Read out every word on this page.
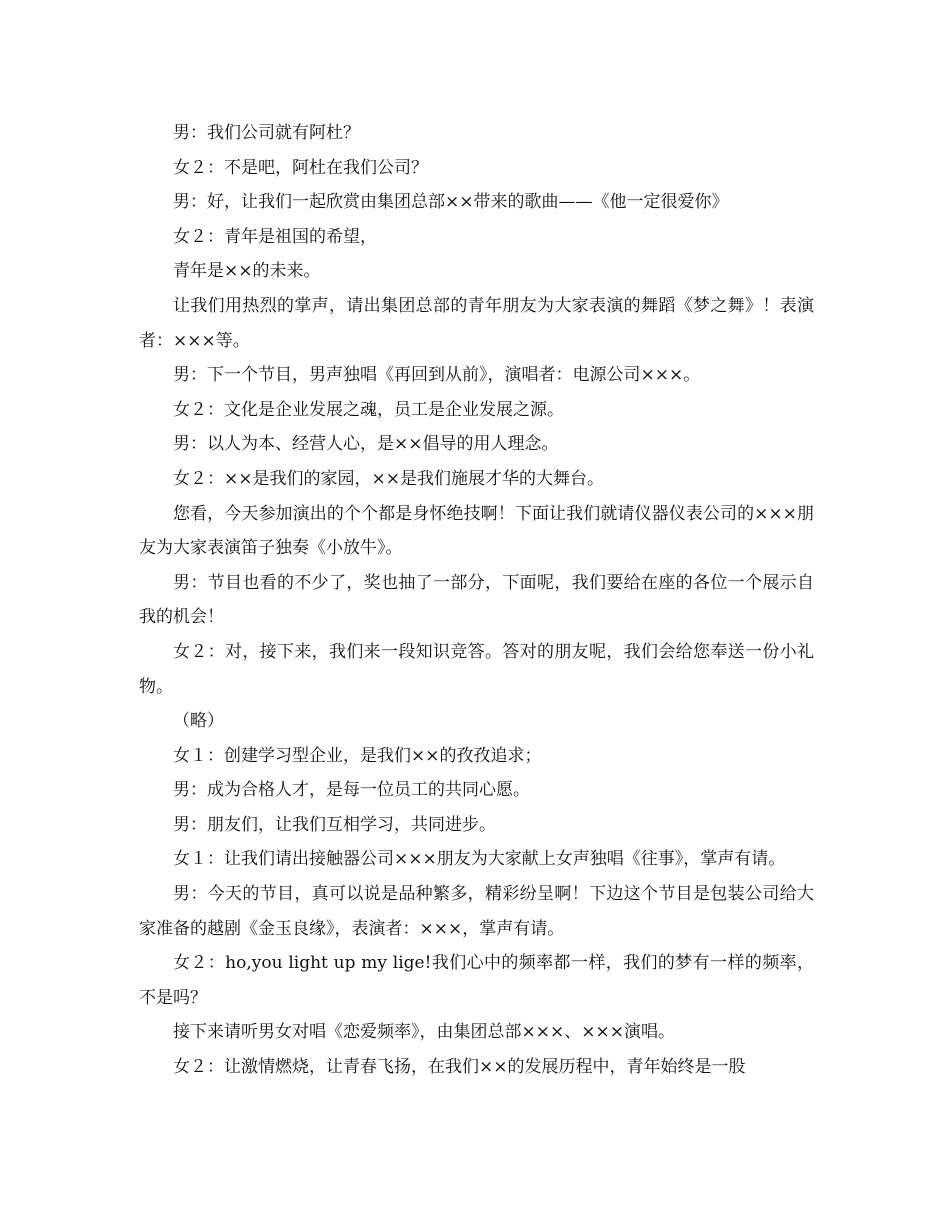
男：我们公司就有阿杜？

女２：不是吧，阿杜在我们公司？

男：好，让我们一起欣赏由集团总部××带来的歌曲——《他一定很爱你》

女２：青年是祖国的希望，

青年是××的未来。

让我们用热烈的掌声，请出集团总部的青年朋友为大家表演的舞蹈《梦之舞》！表演者：×××等。

男：下一个节目，男声独唱《再回到从前》，演唱者：电源公司×××。

女２：文化是企业发展之魂，员工是企业发展之源。

男：以人为本、经营人心，是××倡导的用人理念。

女２：××是我们的家园，××是我们施展才华的大舞台。

您看，今天参加演出的个个都是身怀绝技啊！下面让我们就请仪器仪表公司的×××朋友为大家表演笛子独奏《小放牛》。

男：节目也看的不少了，奖也抽了一部分，下面呢，我们要给在座的各位一个展示自我的机会！

女２：对，接下来，我们来一段知识竞答。答对的朋友呢，我们会给您奉送一份小礼物。

（略）

女１：创建学习型企业，是我们××的孜孜追求；

男：成为合格人才，是每一位员工的共同心愿。

男：朋友们，让我们互相学习，共同进步。

女１：让我们请出接触器公司×××朋友为大家献上女声独唱《往事》，掌声有请。

男：今天的节目，真可以说是品种繁多，精彩纷呈啊！下边这个节目是包装公司给大家准备的越剧《金玉良缘》，表演者：×××，掌声有请。

女２：ho,you light up my lige!我们心中的频率都一样，我们的梦有一样的频率，不是吗？

接下来请听男女对唱《恋爱频率》，由集团总部×××、×××演唱。

女２：让激情燃烧，让青春飞扬，在我们××的发展历程中，青年始终是一股
